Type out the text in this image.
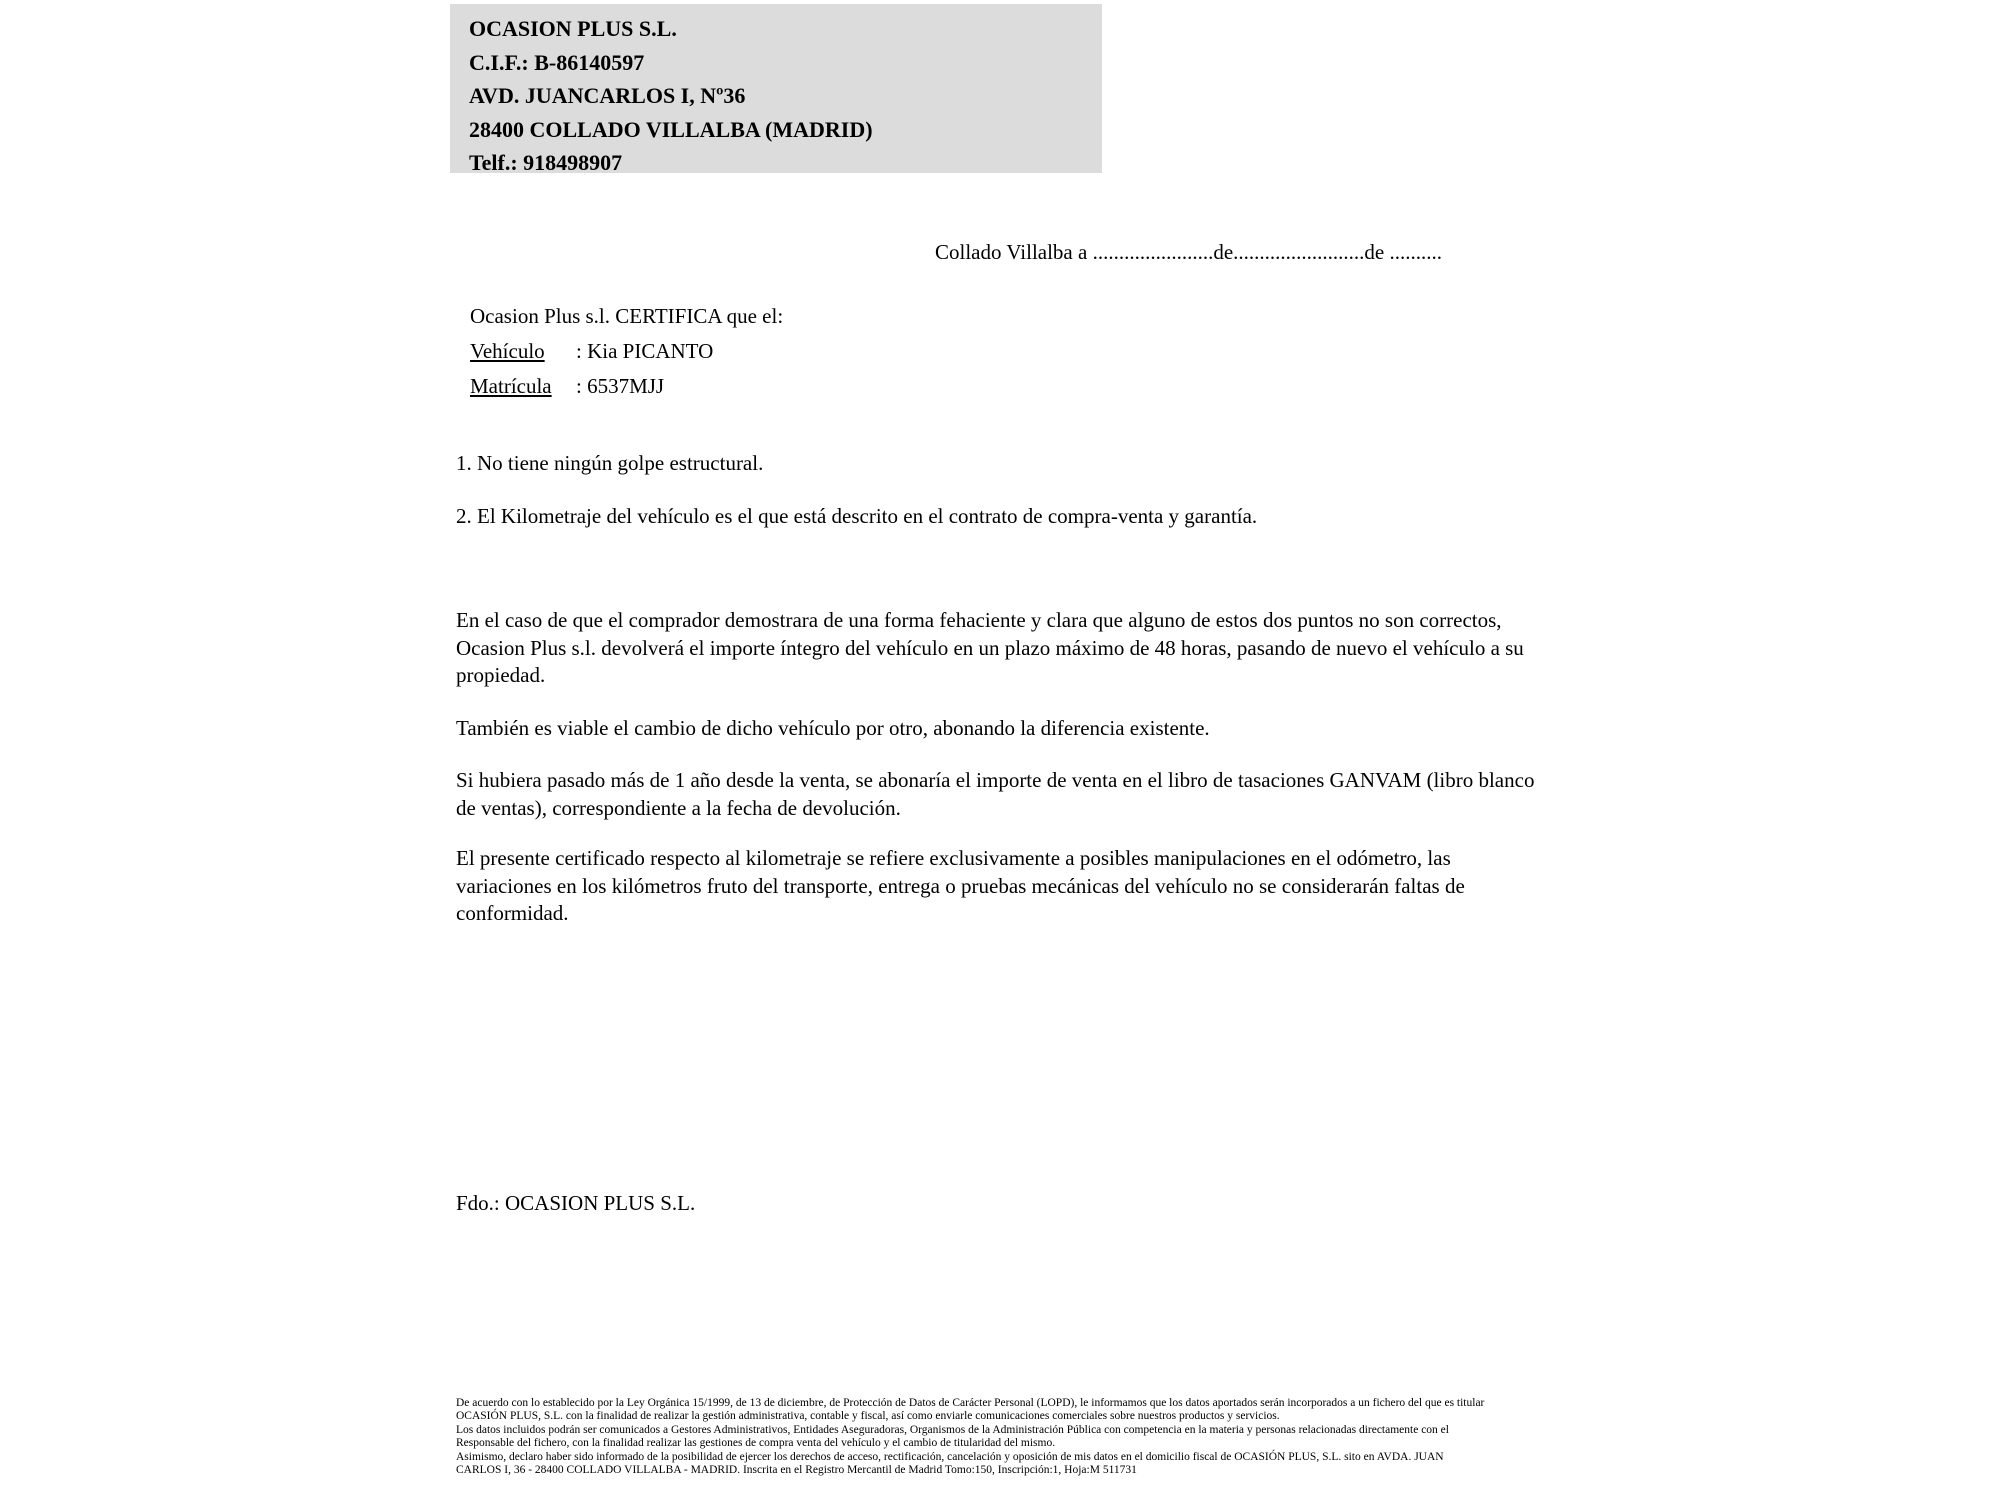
OCASION PLUS S.L.
C.I.F.: B-86140597
AVD. JUANCARLOS I, Nº36
28400 COLLADO VILLALBA (MADRID)
Telf.: 918498907
Collado Villalba a .......................de.........................de ..........
Ocasion Plus s.l. CERTIFICA que el:
Vehículo : Kia PICANTO
Matrícula : 6537MJJ
1. No tiene ningún golpe estructural.
2. El Kilometraje del vehículo es el que está descrito en el contrato de compra-venta y garantía.
En el caso de que el comprador demostrara de una forma fehaciente y clara que alguno de estos dos puntos no son correctos, Ocasion Plus s.l. devolverá el importe íntegro del vehículo en un plazo máximo de 48 horas, pasando de nuevo el vehículo a su propiedad.
También es viable el cambio de dicho vehículo por otro, abonando la diferencia existente.
Si hubiera pasado más de 1 año desde la venta, se abonaría el importe de venta en el libro de tasaciones GANVAM (libro blanco de ventas), correspondiente a la fecha de devolución.
El presente certificado respecto al kilometraje se refiere exclusivamente a posibles manipulaciones en el odómetro, las variaciones en los kilómetros fruto del transporte, entrega o pruebas mecánicas del vehículo no se considerarán faltas de conformidad.
Fdo.: OCASION PLUS S.L.
De acuerdo con lo establecido por la Ley Orgánica 15/1999, de 13 de diciembre, de Protección de Datos de Carácter Personal (LOPD), le informamos que los datos aportados serán incorporados a un fichero del que es titular
OCASIÓN PLUS, S.L. con la finalidad de realizar la gestión administrativa, contable y fiscal, así como enviarle comunicaciones comerciales sobre nuestros productos y servicios.
Los datos incluidos podrán ser comunicados a Gestores Administrativos, Entidades Aseguradoras, Organismos de la Administración Pública con competencia en la materia y personas relacionadas directamente con el
Responsable del fichero, con la finalidad realizar las gestiones de compra venta del vehículo y el cambio de titularidad del mismo.
Asimismo, declaro haber sido informado de la posibilidad de ejercer los derechos de acceso, rectificación, cancelación y oposición de mis datos en el domicilio fiscal de OCASIÓN PLUS, S.L. sito en AVDA. JUAN
CARLOS I, 36 - 28400 COLLADO VILLALBA - MADRID. Inscrita en el Registro Mercantil de Madrid Tomo:150, Inscripción:1, Hoja:M 511731
